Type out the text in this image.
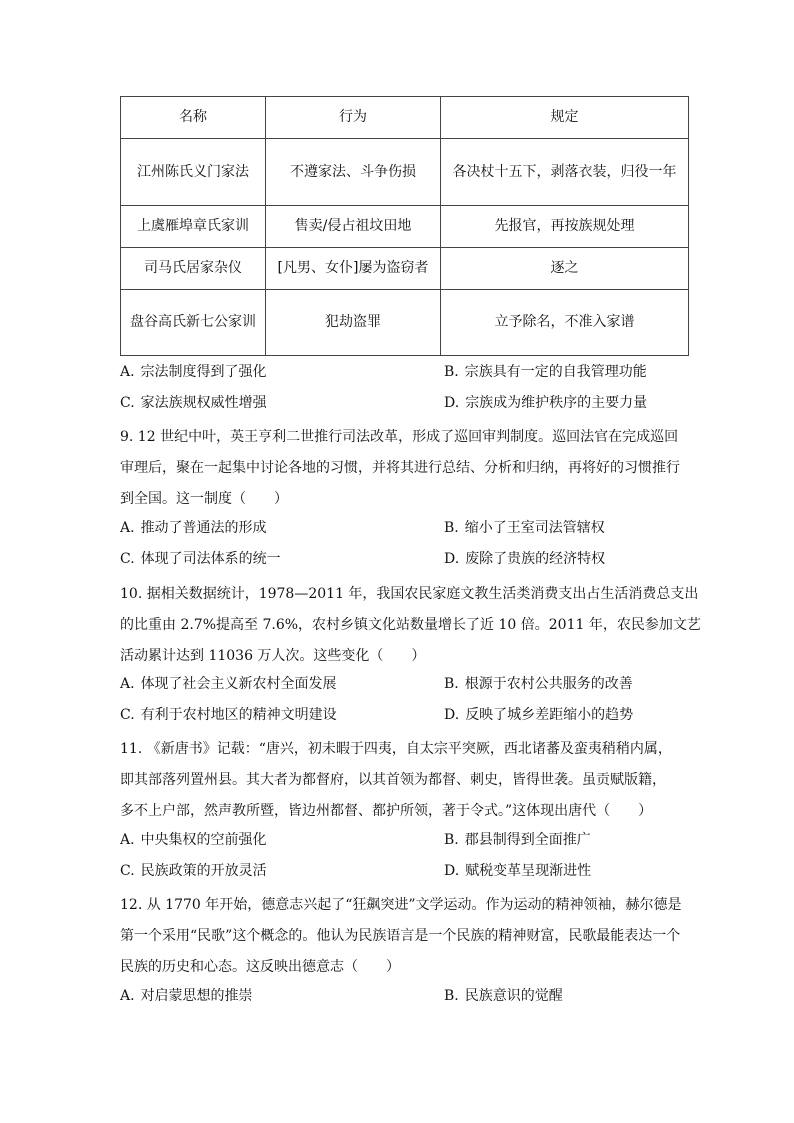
名称	行为	规定
江州陈氏义门家法	不遵家法、斗争伤损	各决杖十五下，剥落衣装，归役一年
上虞雁埠章氏家训	售卖/侵占祖坟田地	先报官，再按族规处理
司马氏居家杂仪	[凡男、女仆]屡为盗窃者	逐之
盘谷高氏新七公家训	犯劫盗罪	立予除名，不准入家谱
A. 宗法制度得到了强化	B. 宗族具有一定的自我管理功能
C. 家法族规权威性增强	D. 宗族成为维护秩序的主要力量

9. 12 世纪中叶，英王亨利二世推行司法改革，形成了巡回审判制度。巡回法官在完成巡回

审理后，聚在一起集中讨论各地的习惯，并将其进行总结、分析和归纳，再将好的习惯推行

到全国。这一制度（　　）

A. 推动了普通法的形成	B. 缩小了王室司法管辖权
C. 体现了司法体系的统一	D. 废除了贵族的经济特权

10. 据相关数据统计，1978—2011 年，我国农民家庭文教生活类消费支出占生活消费总支出

的比重由 2.7%提高至 7.6%，农村乡镇文化站数量增长了近 10 倍。2011 年，农民参加文艺

活动累计达到 11036 万人次。这些变化（　　）

A. 体现了社会主义新农村全面发展	B. 根源于农村公共服务的改善
C. 有利于农村地区的精神文明建设	D. 反映了城乡差距缩小的趋势

11. 《新唐书》记载：“唐兴，初未暇于四夷，自太宗平突厥，西北诸蕃及蛮夷稍稍内属，

即其部落列置州县。其大者为都督府，以其首领为都督、刺史，皆得世袭。虽贡赋版籍，

多不上户部，然声教所暨，皆边州都督、都护所领，著于令式。”这体现出唐代（　　）

A. 中央集权的空前强化	B. 郡县制得到全面推广
C. 民族政策的开放灵活	D. 赋税变革呈现渐进性

12. 从 1770 年开始，德意志兴起了“狂飙突进”文学运动。作为运动的精神领袖，赫尔德是

第一个采用“民歌”这个概念的。他认为民族语言是一个民族的精神财富，民歌最能表达一个

民族的历史和心态。这反映出德意志（　　）

A. 对启蒙思想的推崇	B. 民族意识的觉醒
